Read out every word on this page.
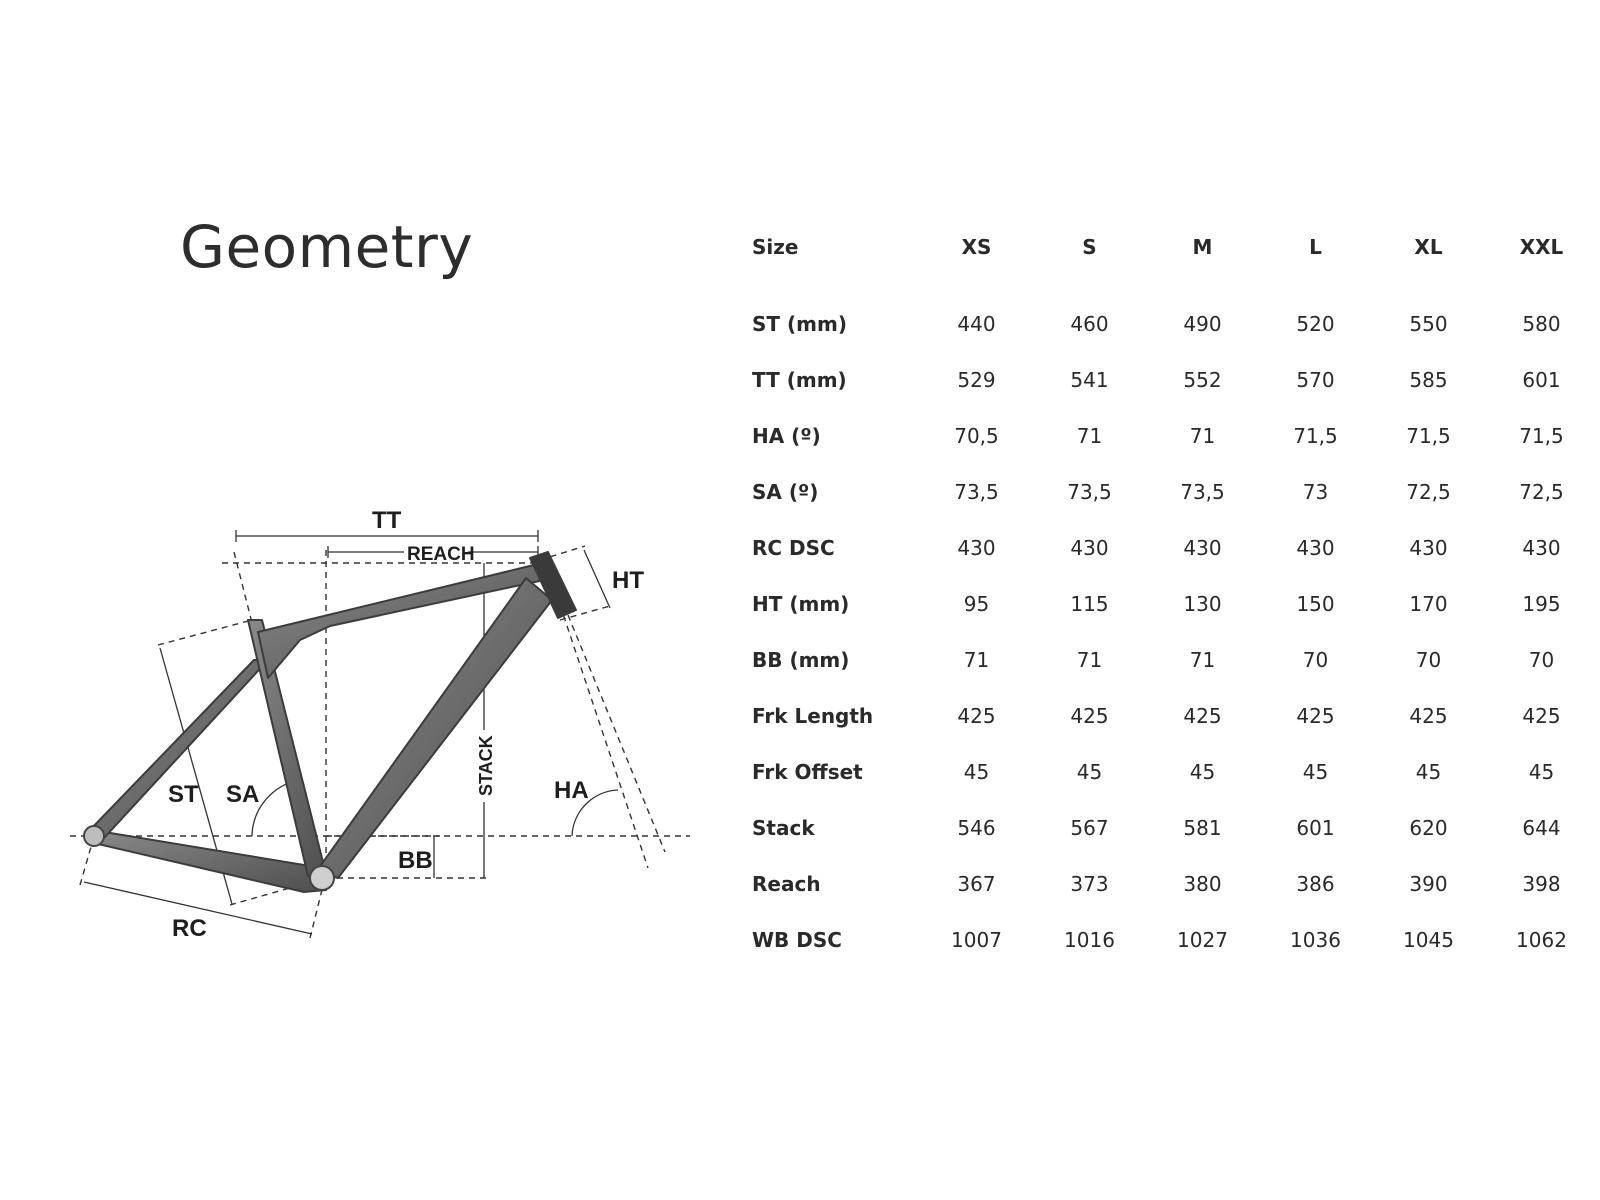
Geometry
TT
REACH
HT
ST SA	STACK HA
BB
RC
Size	XS	S	M	L	XL	XXL

ST (mm)	440	460	490	520	550	580
TT (mm)	529	541	552	570	585	601
HA (º)	70,5	71	71	71,5	71,5	71,5
SA (º)	73,5	73,5	73,5	73	72,5	72,5
RC DSC	430	430	430	430	430	430
HT (mm)	95	115	130	150	170	195
BB (mm)	71	71	71	70	70	70
Frk Length	425	425	425	425	425	425
Frk Offset	45	45	45	45	45	45
Stack	546	567	581	601	620	644
Reach	367	373	380	386	390	398
WB DSC	1007	1016	1027	1036	1045	1062
